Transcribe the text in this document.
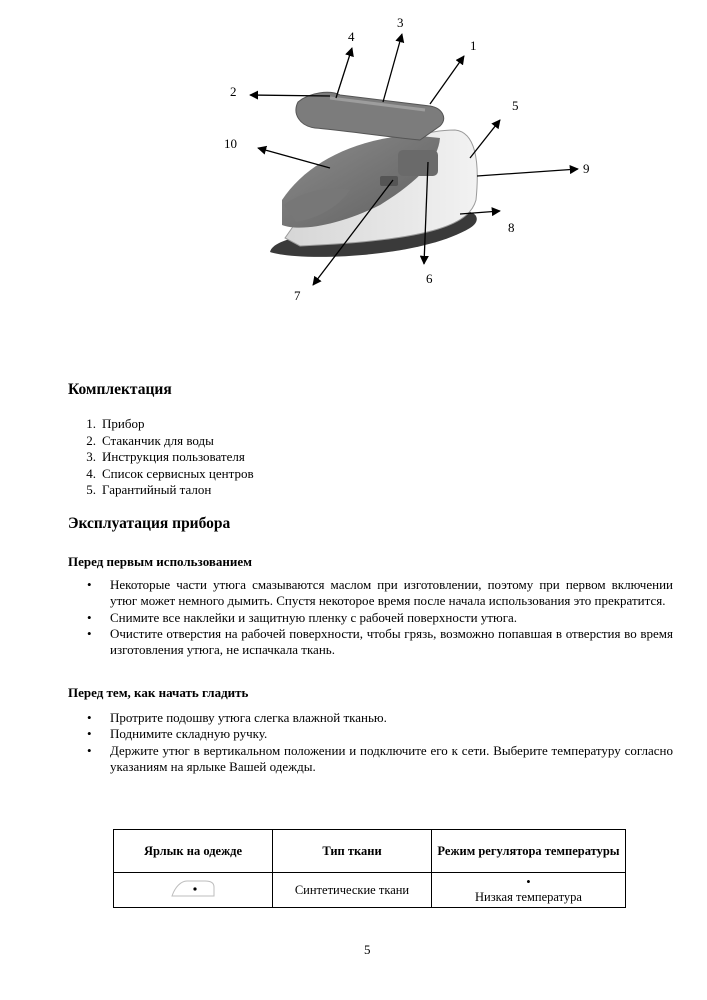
1
2
3
4
5
6
7
8
9
10
Комплектация
1. Прибор
2. Стаканчик для воды
3. Инструкция пользователя
4. Список сервисных центров
5. Гарантийный талон
Эксплуатация прибора
Перед первым использованием
• Некоторые части утюга смазываются маслом при изготовлении, поэтому при первом включении утюг может немного дымить. Спустя некоторое время после начала использования это прекратится.
• Снимите все наклейки и защитную пленку с рабочей поверхности утюга.
• Очистите отверстия на рабочей поверхности, чтобы грязь, возможно попавшая в отверстия во время изготовления утюга, не испачкала ткань.
Перед тем, как начать гладить
• Протрите подошву утюга слегка влажной тканью.
• Поднимите складную ручку.
• Держите утюг в вертикальном положении и подключите его к сети. Выберите температуру согласно указаниям на ярлыке Вашей одежды.
Ярлык на одежде	Тип ткани	Режим регулятора температуры
	Синтетические ткани	•
Низкая температура
5
